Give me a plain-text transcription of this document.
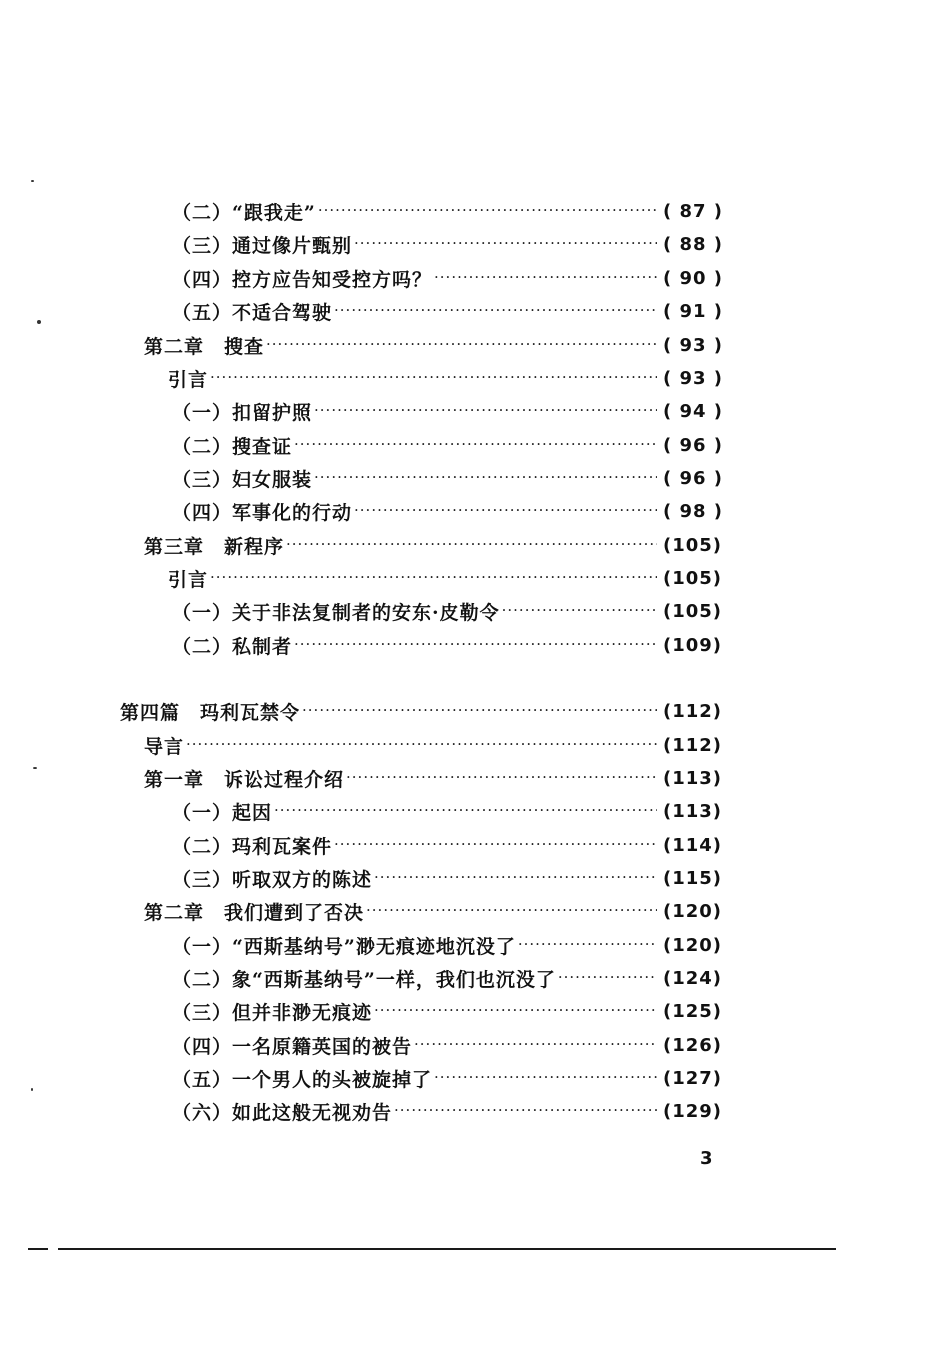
（二）“跟我走” ·····	( 87 )
（三）通过像片甄别 ·····	( 88 )
（四）控方应告知受控方吗？ ·····	( 90 )
（五）不适合驾驶 ·····	( 91 )
第二章　搜查 ·····	( 93 )
引言 ·····	( 93 )
（一）扣留护照 ·····	( 94 )
（二）搜查证 ·····	( 96 )
（三）妇女服装 ·····	( 96 )
（四）军事化的行动 ·····	( 98 )
第三章　新程序 ·····	(105)
引言 ·····	(105)
（一）关于非法复制者的安东·皮勒令 ·····	(105)
（二）私制者 ·····	(109)
第四篇　玛利瓦禁令 ·····	(112)
导言 ·····	(112)
第一章　诉讼过程介绍 ·····	(113)
（一）起因 ·····	(113)
（二）玛利瓦案件 ·····	(114)
（三）听取双方的陈述 ·····	(115)
第二章　我们遭到了否决 ·····	(120)
（一）“西斯基纳号”渺无痕迹地沉没了 ·····	(120)
（二）象“西斯基纳号”一样，我们也沉没了 ·····	(124)
（三）但并非渺无痕迹 ·····	(125)
（四）一名原籍英国的被告 ·····	(126)
（五）一个男人的头被旋掉了 ·····	(127)
（六）如此这般无视劝告 ·····	(129)
3
